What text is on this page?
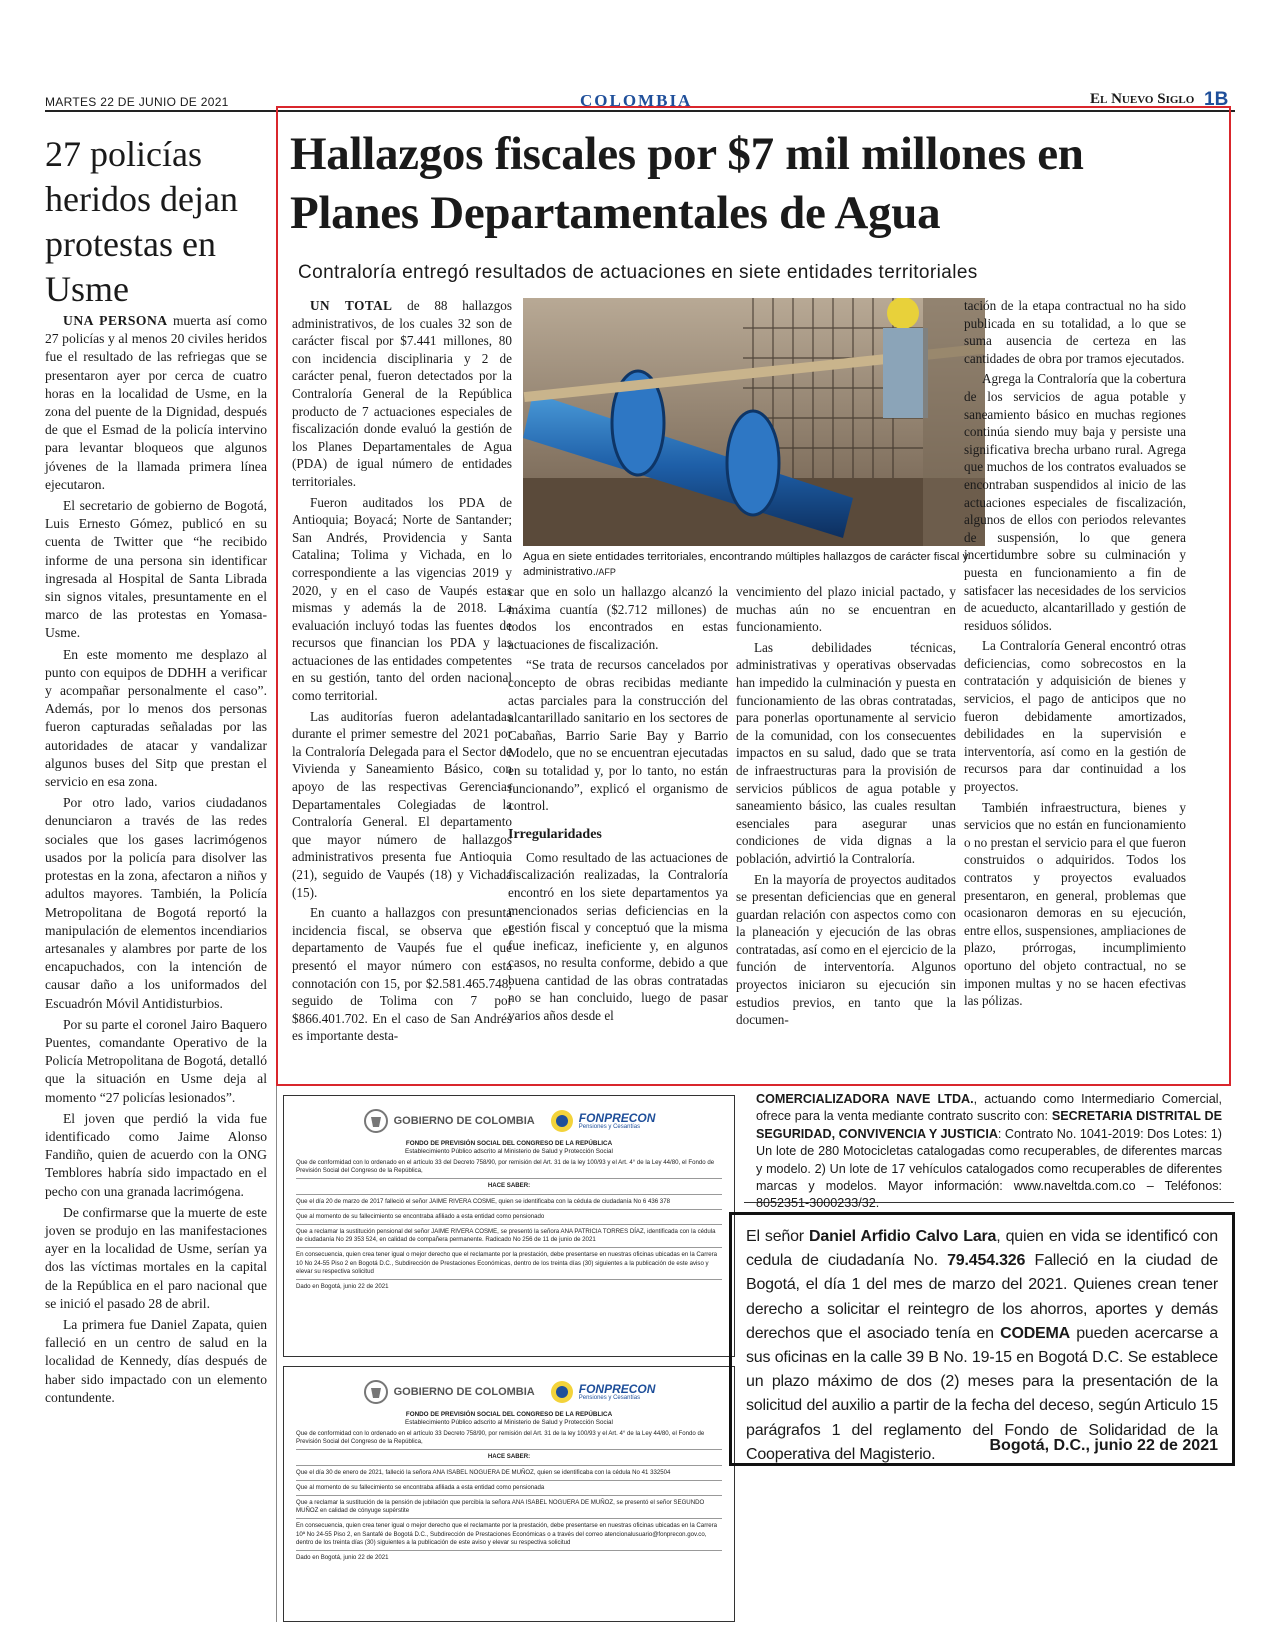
MARTES 22 DE JUNIO DE 2021	COLOMBIA	El Nuevo Siglo 1B
27 policías heridos dejan protestas en Usme

UNA PERSONA muerta así como 27 policías y al menos 20 civiles heridos fue el resultado de las refriegas que se presentaron ayer por cerca de cuatro horas en la localidad de Usme, en la zona del puente de la Dignidad, después de que el Esmad de la policía intervino para levantar bloqueos que algunos jóvenes de la llamada primera línea ejecutaron.

El secretario de gobierno de Bogotá, Luis Ernesto Gómez, publicó en su cuenta de Twitter que “he recibido informe de una persona sin identificar ingresada al Hospital de Santa Librada sin signos vitales, presuntamente en el marco de las protestas en Yomasa-Usme.

En este momento me desplazo al punto con equipos de DDHH a verificar y acompañar personalmente el caso”. Además, por lo menos dos personas fueron capturadas señaladas por las autoridades de atacar y vandalizar algunos buses del Sitp que prestan el servicio en esa zona.

Por otro lado, varios ciudadanos denunciaron a través de las redes sociales que los gases lacrimógenos usados por la policía para disolver las protestas en la zona, afectaron a niños y adultos mayores. También, la Policía Metropolitana de Bogotá reportó la manipulación de elementos incendiarios artesanales y alambres por parte de los encapuchados, con la intención de causar daño a los uniformados del Escuadrón Móvil Antidisturbios.

Por su parte el coronel Jairo Baquero Puentes, comandante Operativo de la Policía Metropolitana de Bogotá, detalló que la situación en Usme deja al momento “27 policías lesionados”.

El joven que perdió la vida fue identificado como Jaime Alonso Fandiño, quien de acuerdo con la ONG Temblores habría sido impactado en el pecho con una granada lacrimógena.

De confirmarse que la muerte de este joven se produjo en las manifestaciones ayer en la localidad de Usme, serían ya dos las víctimas mortales en la capital de la República en el paro nacional que se inició el pasado 28 de abril.

La primera fue Daniel Zapata, quien falleció en un centro de salud en la localidad de Kennedy, días después de haber sido impactado con un elemento contundente.

Hallazgos fiscales por $7 mil millones en Planes Departamentales de Agua
Contraloría entregó resultados de actuaciones en siete entidades territoriales

UN TOTAL de 88 hallazgos administrativos, de los cuales 32 son de carácter fiscal por $7.441 millones, 80 con incidencia disciplinaria y 2 de carácter penal, fueron detectados por la Contraloría General de la República producto de 7 actuaciones especiales de fiscalización donde evaluó la gestión de los Planes Departamentales de Agua (PDA) de igual número de entidades territoriales.

Fueron auditados los PDA de Antioquia; Boyacá; Norte de Santander; San Andrés, Providencia y Santa Catalina; Tolima y Vichada, en lo correspondiente a las vigencias 2019 y 2020, y en el caso de Vaupés estas mismas y además la de 2018. La evaluación incluyó todas las fuentes de recursos que financian los PDA y las actuaciones de las entidades competentes en su gestión, tanto del orden nacional como territorial.

Las auditorías fueron adelantadas durante el primer semestre del 2021 por la Contraloría Delegada para el Sector de Vivienda y Saneamiento Básico, con apoyo de las respectivas Gerencias Departamentales Colegiadas de la Contraloría General. El departamento que mayor número de hallazgos administrativos presenta fue Antioquia (21), seguido de Vaupés (18) y Vichada (15).

En cuanto a hallazgos con presunta incidencia fiscal, se observa que el departamento de Vaupés fue el que presentó el mayor número con esta connotación con 15, por $2.581.465.748; seguido de Tolima con 7 por $866.401.702. En el caso de San Andrés es importante desta-

Agua en siete entidades territoriales, encontrando múltiples hallazgos de carácter fiscal y administrativo./AFP

car que en solo un hallazgo alcanzó la máxima cuantía ($2.712 millones) de todos los encontrados en estas actuaciones de fiscalización.

“Se trata de recursos cancelados por concepto de obras recibidas mediante actas parciales para la construcción del alcantarillado sanitario en los sectores de Cabañas, Barrio Sarie Bay y Barrio Modelo, que no se encuentran ejecutadas en su totalidad y, por lo tanto, no están funcionando”, explicó el organismo de control.

Irregularidades

Como resultado de las actuaciones de fiscalización realizadas, la Contraloría encontró en los siete departamentos ya mencionados serias deficiencias en la gestión fiscal y conceptuó que la misma fue ineficaz, ineficiente y, en algunos casos, no resulta conforme, debido a que buena cantidad de las obras contratadas no se han concluido, luego de pasar varios años desde el

vencimiento del plazo inicial pactado, y muchas aún no se encuentran en funcionamiento.

Las debilidades técnicas, administrativas y operativas observadas han impedido la culminación y puesta en funcionamiento de las obras contratadas, para ponerlas oportunamente al servicio de la comunidad, con los consecuentes impactos en su salud, dado que se trata de infraestructuras para la provisión de servicios públicos de agua potable y saneamiento básico, las cuales resultan esenciales para asegurar unas condiciones de vida dignas a la población, advirtió la Contraloría.

En la mayoría de proyectos auditados se presentan deficiencias que en general guardan relación con aspectos como con la planeación y ejecución de las obras contratadas, así como en el ejercicio de la función de interventoría. Algunos proyectos iniciaron su ejecución sin estudios previos, en tanto que la documen-

tación de la etapa contractual no ha sido publicada en su totalidad, a lo que se suma ausencia de certeza en las cantidades de obra por tramos ejecutados.

Agrega la Contraloría que la cobertura de los servicios de agua potable y saneamiento básico en muchas regiones continúa siendo muy baja y persiste una significativa brecha urbano rural. Agrega que muchos de los contratos evaluados se encontraban suspendidos al inicio de las actuaciones especiales de fiscalización, algunos de ellos con periodos relevantes de suspensión, lo que genera incertidumbre sobre su culminación y puesta en funcionamiento a fin de satisfacer las necesidades de los servicios de acueducto, alcantarillado y gestión de residuos sólidos.

La Contraloría General encontró otras deficiencias, como sobrecostos en la contratación y adquisición de bienes y servicios, el pago de anticipos que no fueron debidamente amortizados, debilidades en la supervisión e interventoría, así como en la gestión de recursos para dar continuidad a los proyectos.

También infraestructura, bienes y servicios que no están en funcionamiento o no prestan el servicio para el que fueron construidos o adquiridos. Todos los contratos y proyectos evaluados presentaron, en general, problemas que ocasionaron demoras en su ejecución, entre ellos, suspensiones, ampliaciones de plazo, prórrogas, incumplimiento oportuno del objeto contractual, no se imponen multas y no se hacen efectivas las pólizas.

GOBIERNO DE COLOMBIA	FONPRECON
Pensiones y Cesantías
FONDO DE PREVISIÓN SOCIAL DEL CONGRESO DE LA REPÚBLICA
Establecimiento Público adscrito al Ministerio de Salud y Protección Social
Que de conformidad con lo ordenado en el artículo 33 del Decreto 758/90, por remisión del Art. 31 de la ley 100/93 y el Art. 4° de la Ley 44/80, el Fondo de Previsión Social del Congreso de la República,
HACE SABER:
Que el día 20 de marzo de 2017 falleció el señor JAIME RIVERA COSME, quien se identificaba con la cédula de ciudadanía No 6 436 378
Que al momento de su fallecimiento se encontraba afiliado a esta entidad como pensionado
Que a reclamar la sustitución pensional del señor JAIME RIVERA COSME, se presentó la señora ANA PATRICIA TORRES DÍAZ, identificada con la cédula de ciudadanía No 29 353 524, en calidad de compañera permanente. Radicado No 256 de 11 de junio de 2021
En consecuencia, quien crea tener igual o mejor derecho que el reclamante por la prestación, debe presentarse en nuestras oficinas ubicadas en la Carrera 10 No 24-55 Piso 2 en Bogotá D.C., Subdirección de Prestaciones Económicas, dentro de los treinta días (30) siguientes a la publicación de este aviso y elevar su respectiva solicitud
Dado en Bogotá, junio 22 de 2021
GOBIERNO DE COLOMBIA	FONPRECON
Pensiones y Cesantías
FONDO DE PREVISIÓN SOCIAL DEL CONGRESO DE LA REPÚBLICA
Establecimiento Público adscrito al Ministerio de Salud y Protección Social
Que de conformidad con lo ordenado en el artículo 33 Decreto 758/90, por remisión del Art. 31 de la ley 100/93 y el Art. 4° de la Ley 44/80, el Fondo de Previsión Social del Congreso de la República,
HACE SABER:
Que el día 30 de enero de 2021, falleció la señora ANA ISABEL NOGUERA DE MUÑOZ, quien se identificaba con la cédula No 41 332504
Que al momento de su fallecimiento se encontraba afiliada a esta entidad como pensionada
Que a reclamar la sustitución de la pensión de jubilación que percibía la señora ANA ISABEL NOGUERA DE MUÑOZ, se presentó el señor SEGUNDO MUÑOZ en calidad de cónyuge supérstite
En consecuencia, quien crea tener igual o mejor derecho que el reclamante por la prestación, debe presentarse en nuestras oficinas ubicadas en la Carrera 10ª No 24-55 Piso 2, en Santafé de Bogotá D.C., Subdirección de Prestaciones Económicas o a través del correo atencionalusuario@fonprecon.gov.co, dentro de los treinta días (30) siguientes a la publicación de este aviso y elevar su respectiva solicitud
Dado en Bogotá, junio 22 de 2021

COMERCIALIZADORA NAVE LTDA., actuando como Intermediario Comercial, ofrece para la venta mediante contrato suscrito con: SECRETARIA DISTRITAL DE SEGURIDAD, CONVIVENCIA Y JUSTICIA: Contrato No. 1041-2019: Dos Lotes: 1) Un lote de 280 Motocicletas catalogadas como recuperables, de diferentes marcas y modelo. 2) Un lote de 17 vehículos catalogados como recuperables de diferentes marcas y modelos. Mayor información: www.naveltda.com.co – Teléfonos: 8052351-3000233/32.

El señor Daniel Arfidio Calvo Lara, quien en vida se identificó con cedula de ciudadanía No. 79.454.326 Falleció en la ciudad de Bogotá, el día 1 del mes de marzo del 2021. Quienes crean tener derecho a solicitar el reintegro de los ahorros, aportes y demás derechos que el asociado tenía en CODEMA pueden acercarse a sus oficinas en la calle 39 B No. 19-15 en Bogotá D.C. Se establece un plazo máximo de dos (2) meses para la presentación de la solicitud del auxilio a partir de la fecha del deceso, según Articulo 15 parágrafos 1 del reglamento del Fondo de Solidaridad de la Cooperativa del Magisterio.

Bogotá, D.C., junio 22 de 2021
